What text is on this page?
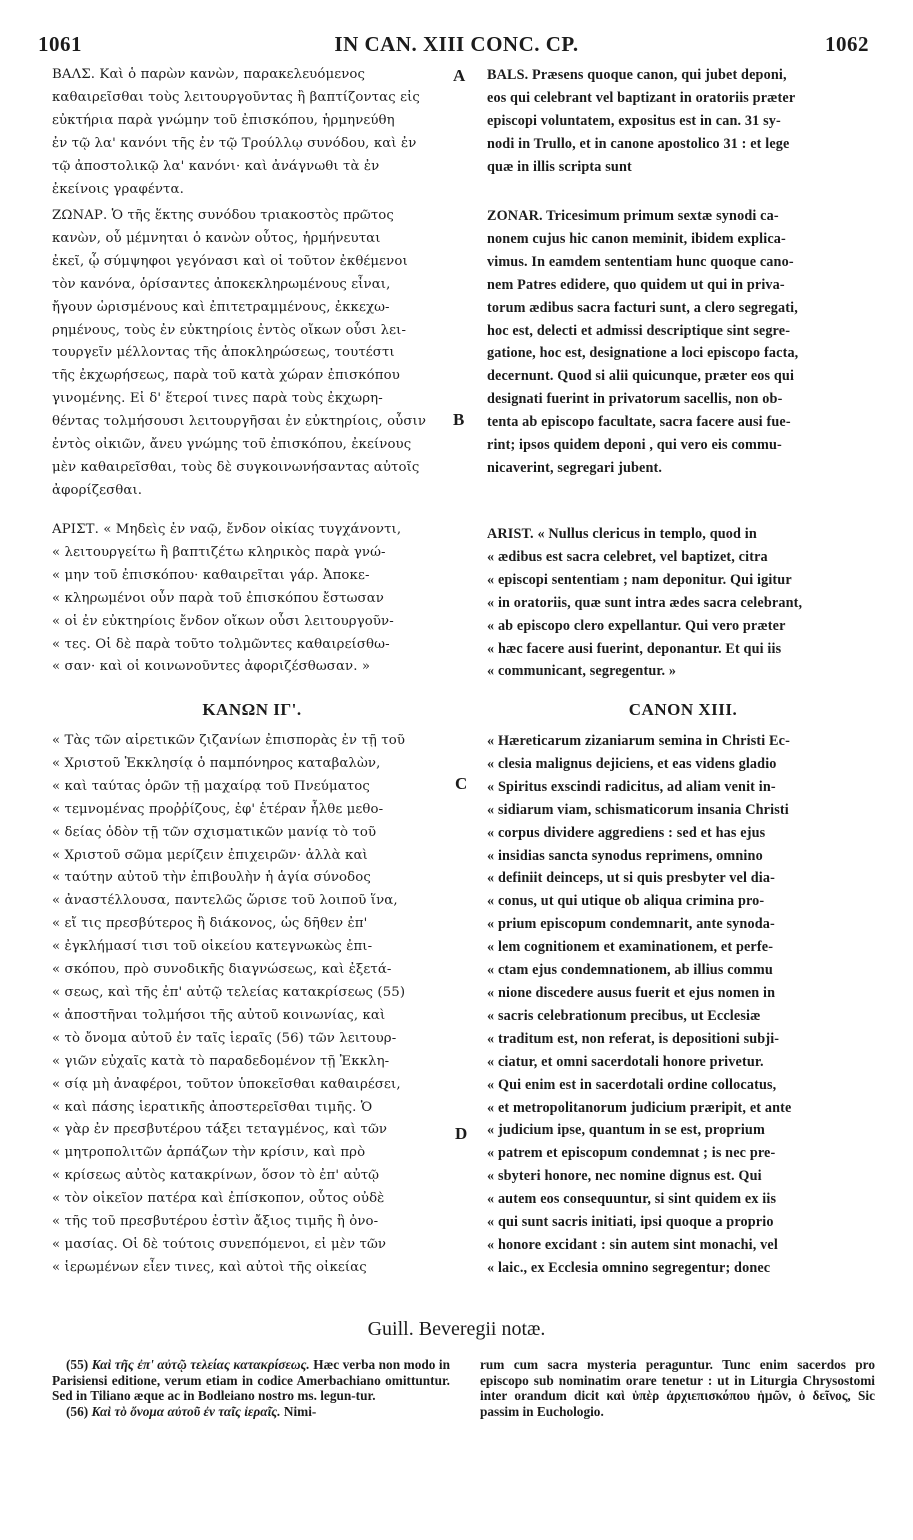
IN CAN. XIII CONC. CP.
1061	1062
A
B
C
D

ΒΑΛΣ. Καὶ ὁ παρὼν κανὼν, παρακελευόμενος

καθαιρεῖσθαι τοὺς λειτουργοῦντας ἢ βαπτίζοντας εἰς

εὐκτήρια παρὰ γνώμην τοῦ ἐπισκόπου, ἡρμηνεύθη

ἐν τῷ λα' κανόνι τῆς ἐν τῷ Τρούλλῳ συνόδου, καὶ ἐν

τῷ ἀποστολικῷ λα' κανόνι· καὶ ἀνάγνωθι τὰ ἐν

ἐκείνοις γραφέντα.

ΖΩΝΑΡ. Ὁ τῆς ἕκτης συνόδου τριακοστὸς πρῶτος

κανὼν, οὗ μέμνηται ὁ κανὼν οὗτος, ἡρμήνευται

ἐκεῖ, ᾧ σύμψηφοι γεγόνασι καὶ οἱ τοῦτον ἐκθέμενοι

τὸν κανόνα, ὁρίσαντες ἀποκεκληρωμένους εἶναι,

ἤγουν ὡρισμένους καὶ ἐπιτετραμμένους, ἐκκεχω-

ρημένους, τοὺς ἐν εὐκτηρίοις ἐντὸς οἴκων οὖσι λει-

τουργεῖν μέλλοντας τῆς ἀποκληρώσεως, τουτέστι

τῆς ἐκχωρήσεως, παρὰ τοῦ κατὰ χώραν ἐπισκόπου

γινομένης. Εἰ δ' ἕτεροί τινες παρὰ τοὺς ἐκχωρη-

θέντας τολμήσουσι λειτουργῆσαι ἐν εὐκτηρίοις, οὖσιν

ἐντὸς οἰκιῶν, ἄνευ γνώμης τοῦ ἐπισκόπου, ἐκείνους

μὲν καθαιρεῖσθαι, τοὺς δὲ συγκοινωνήσαντας αὐτοῖς

ἀφορίζεσθαι.

ΑΡΙΣΤ. « Μηδεὶς ἐν ναῷ, ἔνδον οἰκίας τυγχάνοντι,

« λειτουργείτω ἢ βαπτιζέτω κληρικὸς παρὰ γνώ-

« μην τοῦ ἐπισκόπου· καθαιρεῖται γάρ. Ἀποκε-

« κληρωμένοι οὖν παρὰ τοῦ ἐπισκόπου ἔστωσαν

« οἱ ἐν εὐκτηρίοις ἔνδον οἴκων οὖσι λειτουργοῦν-

« τες. Οἱ δὲ παρὰ τοῦτο τολμῶντες καθαιρείσθω-

« σαν· καὶ οἱ κοινωνοῦντες ἀφοριζέσθωσαν. »

ΚΑΝΩΝ ΙΓ'.

« Τὰς τῶν αἱρετικῶν ζιζανίων ἐπισπορὰς ἐν τῇ τοῦ

« Χριστοῦ Ἐκκλησίᾳ ὁ παμπόνηρος καταβαλὼν,

« καὶ ταύτας ὁρῶν τῇ μαχαίρᾳ τοῦ Πνεύματος

« τεμνομένας προῤῥίζους, ἐφ' ἑτέραν ἦλθε μεθο-

« δείας ὁδὸν τῇ τῶν σχισματικῶν μανίᾳ τὸ τοῦ

« Χριστοῦ σῶμα μερίζειν ἐπιχειρῶν· ἀλλὰ καὶ

« ταύτην αὐτοῦ τὴν ἐπιβουλὴν ἡ ἁγία σύνοδος

« ἀναστέλλουσα, παντελῶς ὥρισε τοῦ λοιποῦ ἵνα,

« εἴ τις πρεσβύτερος ἢ διάκονος, ὡς δῆθεν ἐπ'

« ἐγκλήμασί τισι τοῦ οἰκείου κατεγνωκὼς ἐπι-

« σκόπου, πρὸ συνοδικῆς διαγνώσεως, καὶ ἐξετά-

« σεως, καὶ τῆς ἐπ' αὐτῷ τελείας κατακρίσεως (55)

« ἀποστῆναι τολμήσοι τῆς αὐτοῦ κοινωνίας, καὶ

« τὸ ὄνομα αὐτοῦ ἐν ταῖς ἱεραῖς (56) τῶν λειτουρ-

« γιῶν εὐχαῖς κατὰ τὸ παραδεδομένον τῇ Ἐκκλη-

« σίᾳ μὴ ἀναφέροι, τοῦτον ὑποκεῖσθαι καθαιρέσει,

« καὶ πάσης ἱερατικῆς ἀποστερεῖσθαι τιμῆς. Ὁ

« γὰρ ἐν πρεσβυτέρου τάξει τεταγμένος, καὶ τῶν

« μητροπολιτῶν ἁρπάζων τὴν κρίσιν, καὶ πρὸ

« κρίσεως αὐτὸς κατακρίνων, ὅσον τὸ ἐπ' αὐτῷ

« τὸν οἰκεῖον πατέρα καὶ ἐπίσκοπον, οὗτος οὐδὲ

« τῆς τοῦ πρεσβυτέρου ἐστὶν ἄξιος τιμῆς ἢ ὀνο-

« μασίας. Οἱ δὲ τούτοις συνεπόμενοι, εἰ μὲν τῶν

« ἱερωμένων εἶεν τινες, καὶ αὐτοὶ τῆς οἰκείας

BALS. Præsens quoque canon, qui jubet deponi,

eos qui celebrant vel baptizant in oratoriis præter

episcopi voluntatem, expositus est in can. 31 sy-

nodi in Trullo, et in canone apostolico 31 : et lege

quæ in illis scripta sunt

ZONAR. Tricesimum primum sextæ synodi ca-

nonem cujus hic canon meminit, ibidem explica-

vimus. In eamdem sententiam hunc quoque cano-

nem Patres edidere, quo quidem ut qui in priva-

torum ædibus sacra facturi sunt, a clero segregati,

hoc est, delecti et admissi descriptique sint segre-

gatione, hoc est, designatione a loci episcopo facta,

decernunt. Quod si alii quicunque, præter eos qui

designati fuerint in privatorum sacellis, non ob-

tenta ab episcopo facultate, sacra facere ausi fue-

rint; ipsos quidem deponi , qui vero eis commu-

nicaverint, segregari jubent.

ARIST. « Nullus clericus in templo, quod in

« ædibus est sacra celebret, vel baptizet, citra

« episcopi sententiam ; nam deponitur. Qui igitur

« in oratoriis, quæ sunt intra ædes sacra celebrant,

« ab episcopo clero expellantur. Qui vero præter

« hæc facere ausi fuerint, deponantur. Et qui iis

« communicant, segregentur. »

CANON XIII.

« Hæreticarum zizaniarum semina in Christi Ec-

« clesia malignus dejiciens, et eas videns gladio

« Spiritus exscindi radicitus, ad aliam venit in-

« sidiarum viam, schismaticorum insania Christi

« corpus dividere aggrediens : sed et has ejus

« insidias sancta synodus reprimens, omnino

« definiit deinceps, ut si quis presbyter vel dia-

« conus, ut qui utique ob aliqua crimina pro-

« prium episcopum condemnarit, ante synoda-

« lem cognitionem et examinationem, et perfe-

« ctam ejus condemnationem, ab illius commu

« nione discedere ausus fuerit et ejus nomen in

« sacris celebrationum precibus, ut Ecclesiæ

« traditum est, non referat, is depositioni subji-

« ciatur, et omni sacerdotali honore privetur.

« Qui enim est in sacerdotali ordine collocatus,

« et metropolitanorum judicium præripit, et ante

« judicium ipse, quantum in se est, proprium

« patrem et episcopum condemnat ; is nec pre-

« sbyteri honore, nec nomine dignus est. Qui

« autem eos consequuntur, si sint quidem ex iis

« qui sunt sacris initiati, ipsi quoque a proprio

« honore excidant : sin autem sint monachi, vel

« laic., ex Ecclesia omnino segregentur; donec

Guill. Beveregii notæ.

(55) Καὶ τῆς ἐπ' αὐτῷ τελείας κατακρίσεως. Hæc verba non modo in Parisiensi editione, verum etiam in codice Amerbachiano omittuntur. Sed in Tiliano æque ac in Bodleiano nostro ms. legun-tur.

(56) Καὶ τὸ ὄνομα αὐτοῦ ἐν ταῖς ἱεραῖς. Nimi-

rum cum sacra mysteria peraguntur. Tunc enim sacerdos pro episcopo sub nominatim orare tenetur : ut in Liturgia Chrysostomi inter orandum dicit καὶ ὑπὲρ ἀρχιεπισκόπου ἡμῶν, ὁ δεῖνος, Sic passim in Euchologio.
